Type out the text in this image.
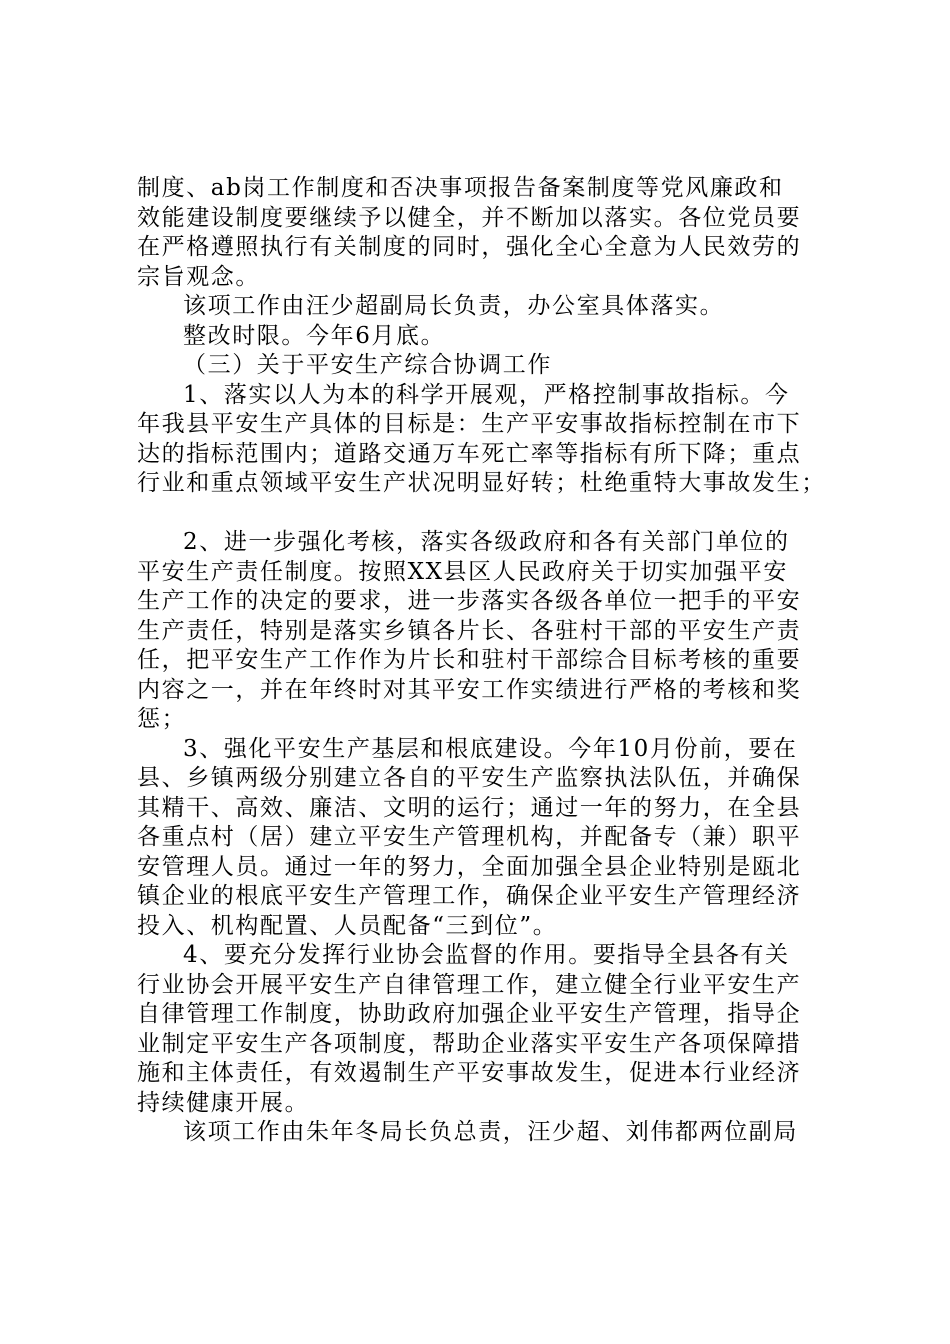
制度、ab岗工作制度和否决事项报告备案制度等党风廉政和
效能建设制度要继续予以健全，并不断加以落实。各位党员要
在严格遵照执行有关制度的同时，强化全心全意为人民效劳的
宗旨观念。
该项工作由汪少超副局长负责，办公室具体落实。
整改时限。今年6月底。
（三）关于平安生产综合协调工作
1、落实以人为本的科学开展观，严格控制事故指标。今
年我县平安生产具体的目标是：生产平安事故指标控制在市下
达的指标范围内；道路交通万车死亡率等指标有所下降；重点
行业和重点领域平安生产状况明显好转；杜绝重特大事故发生；
2、进一步强化考核，落实各级政府和各有关部门单位的
平安生产责任制度。按照XX县区人民政府关于切实加强平安
生产工作的决定的要求，进一步落实各级各单位一把手的平安
生产责任，特别是落实乡镇各片长、各驻村干部的平安生产责
任，把平安生产工作作为片长和驻村干部综合目标考核的重要
内容之一，并在年终时对其平安工作实绩进行严格的考核和奖
惩；
3、强化平安生产基层和根底建设。今年10月份前，要在
县、乡镇两级分别建立各自的平安生产监察执法队伍，并确保
其精干、高效、廉洁、文明的运行；通过一年的努力，在全县
各重点村（居）建立平安生产管理机构，并配备专（兼）职平
安管理人员。通过一年的努力，全面加强全县企业特别是瓯北
镇企业的根底平安生产管理工作，确保企业平安生产管理经济
投入、机构配置、人员配备“三到位”。
4、要充分发挥行业协会监督的作用。要指导全县各有关
行业协会开展平安生产自律管理工作，建立健全行业平安生产
自律管理工作制度，协助政府加强企业平安生产管理，指导企
业制定平安生产各项制度，帮助企业落实平安生产各项保障措
施和主体责任，有效遏制生产平安事故发生，促进本行业经济
持续健康开展。
该项工作由朱年冬局长负总责，汪少超、刘伟都两位副局
